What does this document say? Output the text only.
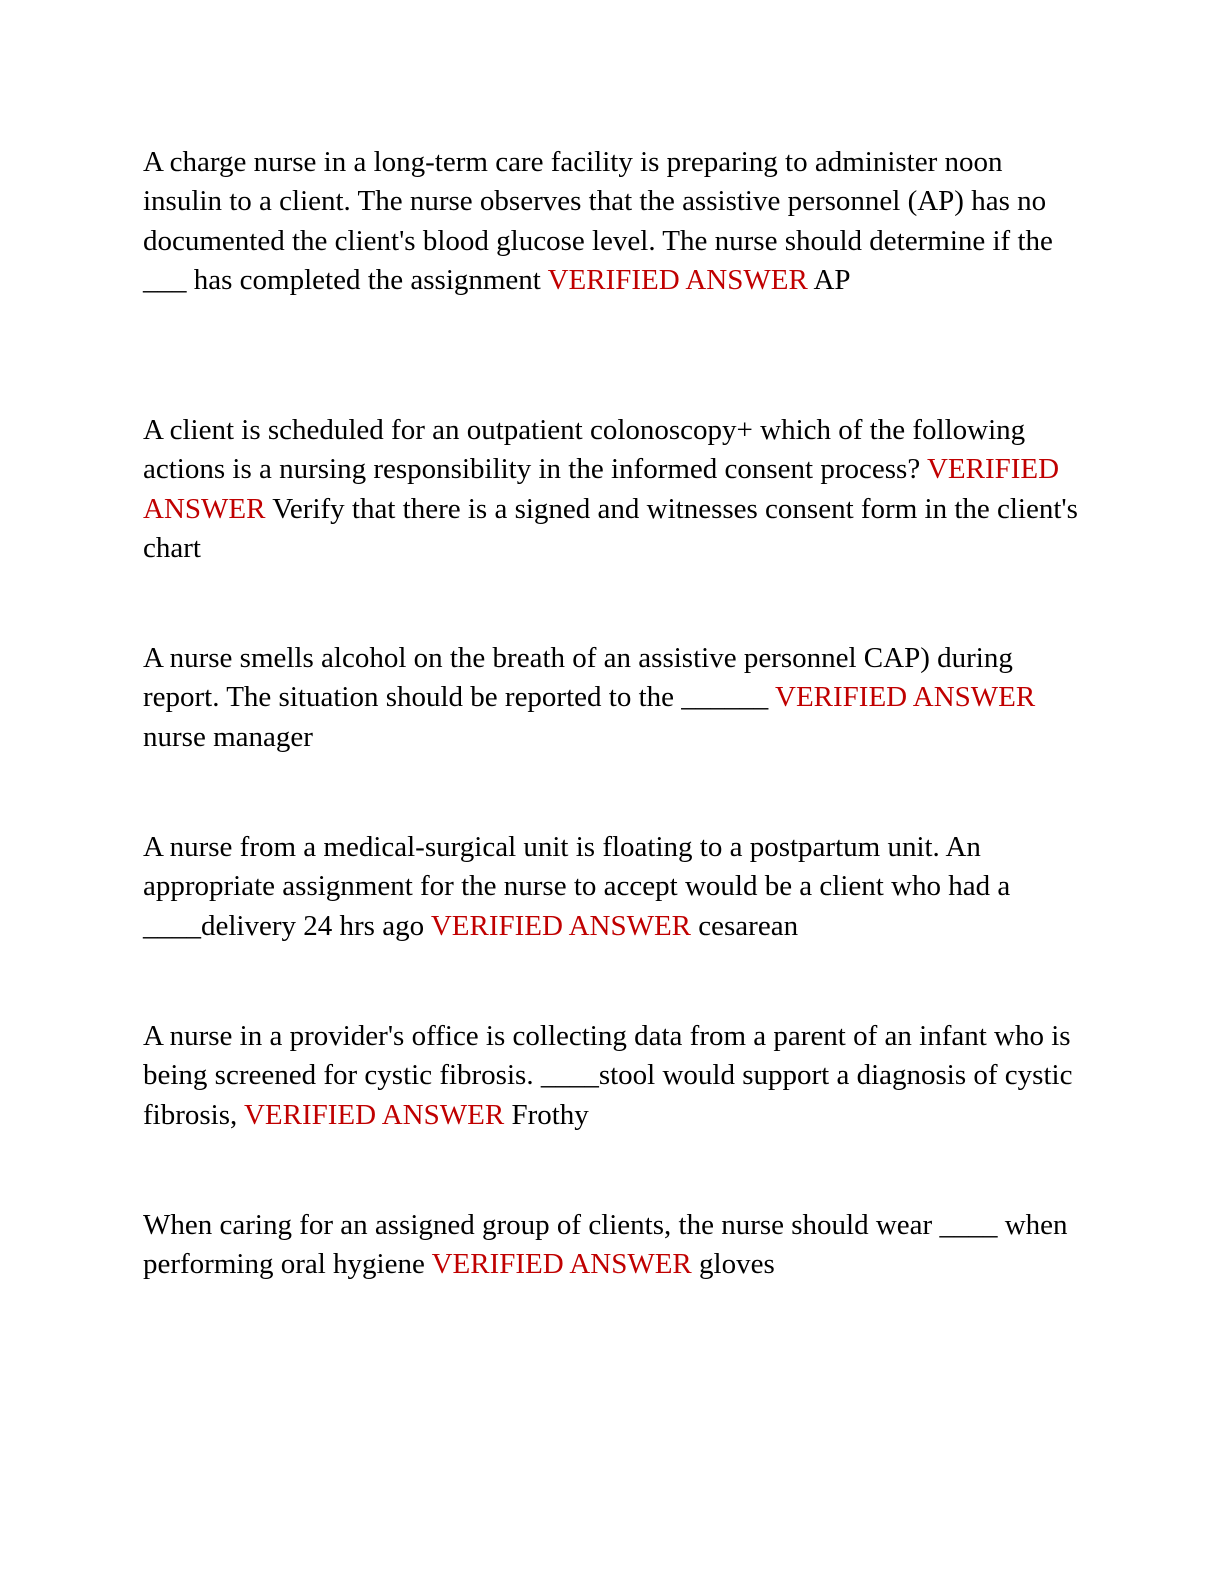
A charge nurse in a long-term care facility is preparing to administer noon insulin to a client. The nurse observes that the assistive personnel (AP) has no documented the client's blood glucose level. The nurse should determine if the ___ has completed the assignment VERIFIED ANSWER AP

A client is scheduled for an outpatient colonoscopy+ which of the following actions is a nursing responsibility in the informed consent process? VERIFIED ANSWER Verify that there is a signed and witnesses consent form in the client's chart

A nurse smells alcohol on the breath of an assistive personnel CAP) during report. The situation should be reported to the ______ VERIFIED ANSWER nurse manager

A nurse from a medical-surgical unit is floating to a postpartum unit. An appropriate assignment for the nurse to accept would be a client who had a ____delivery 24 hrs ago VERIFIED ANSWER cesarean

A nurse in a provider's office is collecting data from a parent of an infant who is being screened for cystic fibrosis. ____stool would support a diagnosis of cystic fibrosis, VERIFIED ANSWER Frothy

When caring for an assigned group of clients, the nurse should wear ____ when performing oral hygiene VERIFIED ANSWER gloves
